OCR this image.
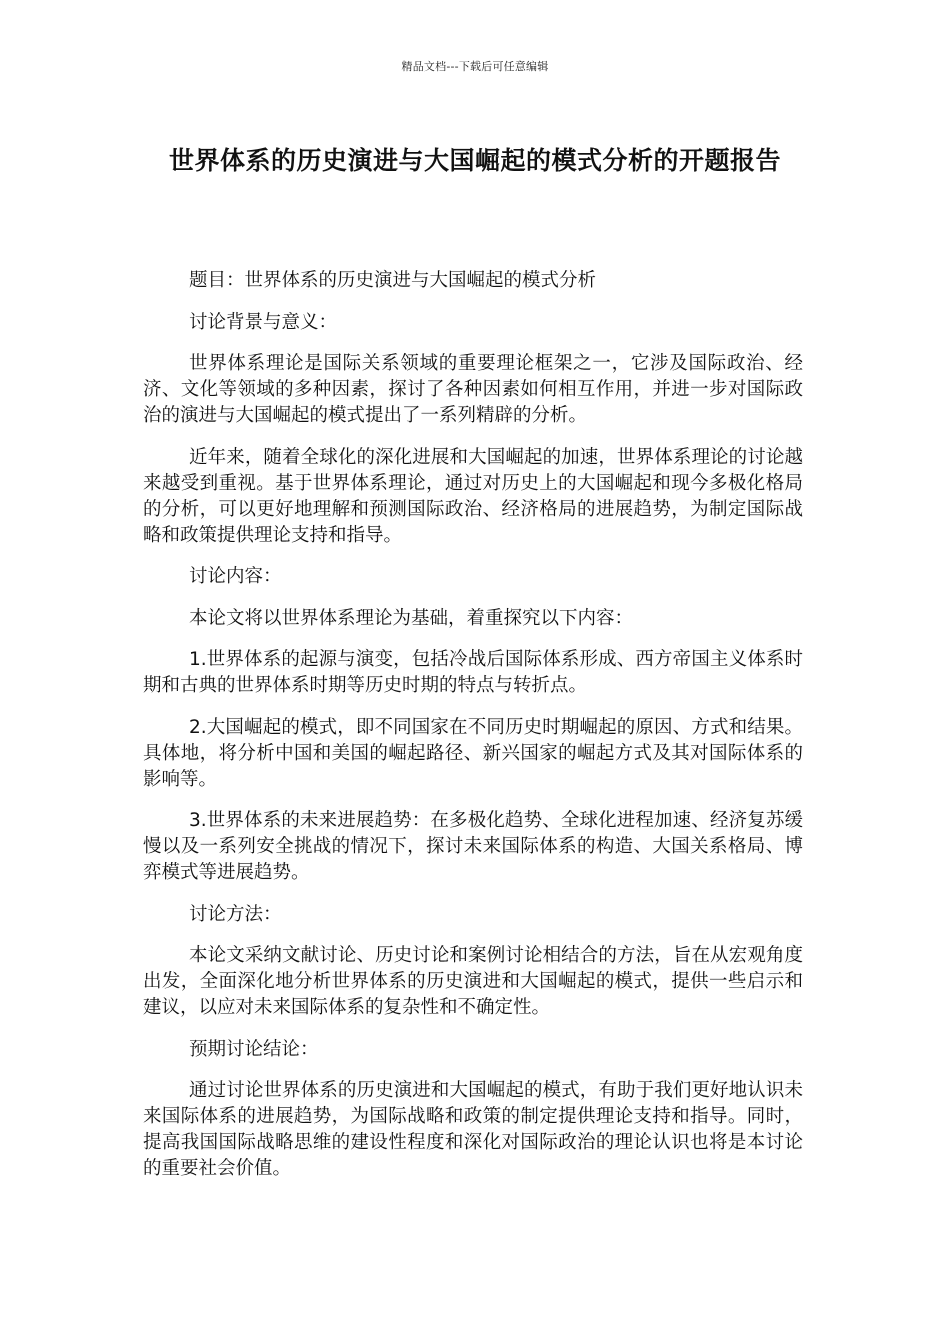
精品文档---下载后可任意编辑
世界体系的历史演进与大国崛起的模式分析的开题报告

题目：世界体系的历史演进与大国崛起的模式分析

讨论背景与意义：

世界体系理论是国际关系领域的重要理论框架之一，它涉及国际政治、经济、文化等领域的多种因素，探讨了各种因素如何相互作用，并进一步对国际政治的演进与大国崛起的模式提出了一系列精辟的分析。

近年来，随着全球化的深化进展和大国崛起的加速，世界体系理论的讨论越来越受到重视。基于世界体系理论，通过对历史上的大国崛起和现今多极化格局的分析，可以更好地理解和预测国际政治、经济格局的进展趋势，为制定国际战略和政策提供理论支持和指导。

讨论内容：

本论文将以世界体系理论为基础，着重探究以下内容：

1.世界体系的起源与演变，包括冷战后国际体系形成、西方帝国主义体系时期和古典的世界体系时期等历史时期的特点与转折点。

2.大国崛起的模式，即不同国家在不同历史时期崛起的原因、方式和结果。具体地，将分析中国和美国的崛起路径、新兴国家的崛起方式及其对国际体系的影响等。

3.世界体系的未来进展趋势：在多极化趋势、全球化进程加速、经济复苏缓慢以及一系列安全挑战的情况下，探讨未来国际体系的构造、大国关系格局、博弈模式等进展趋势。

讨论方法：

本论文采纳文献讨论、历史讨论和案例讨论相结合的方法，旨在从宏观角度出发，全面深化地分析世界体系的历史演进和大国崛起的模式，提供一些启示和建议，以应对未来国际体系的复杂性和不确定性。

预期讨论结论：

通过讨论世界体系的历史演进和大国崛起的模式，有助于我们更好地认识未来国际体系的进展趋势，为国际战略和政策的制定提供理论支持和指导。同时，提高我国国际战略思维的建设性程度和深化对国际政治的理论认识也将是本讨论的重要社会价值。
